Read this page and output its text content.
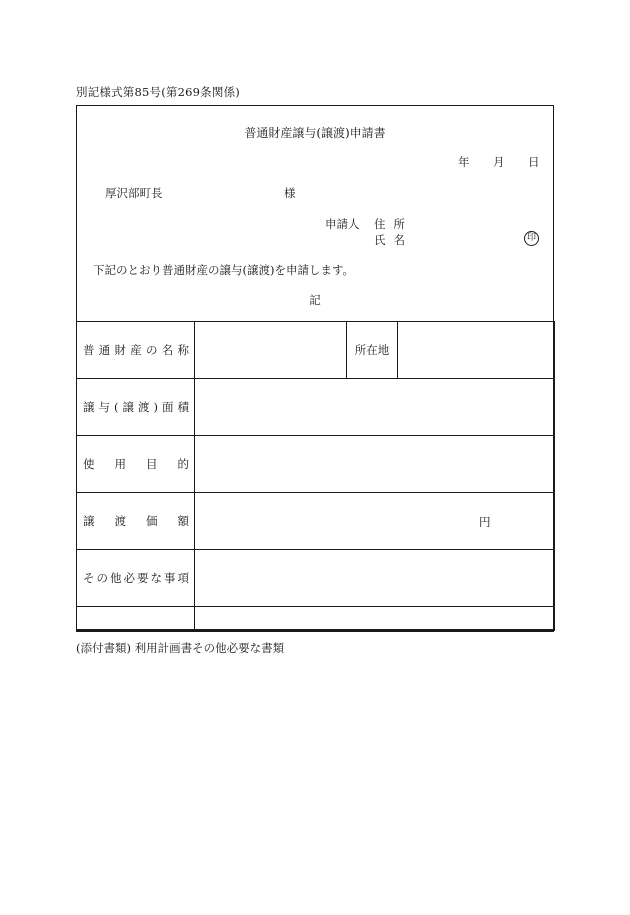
別記様式第85号(第269条関係)
普通財産譲与(譲渡)申請書
年 月 日
厚沢部町長	様
申請人 住所
氏名	印
下記のとおり普通財産の譲与(譲渡)を申請します。
記
普通財産の名称		所在地	

譲与(譲渡)面積			

使用目的			

譲渡価額	円		

その他必要な事項			

(添付書類) 利用計画書その他必要な書類
